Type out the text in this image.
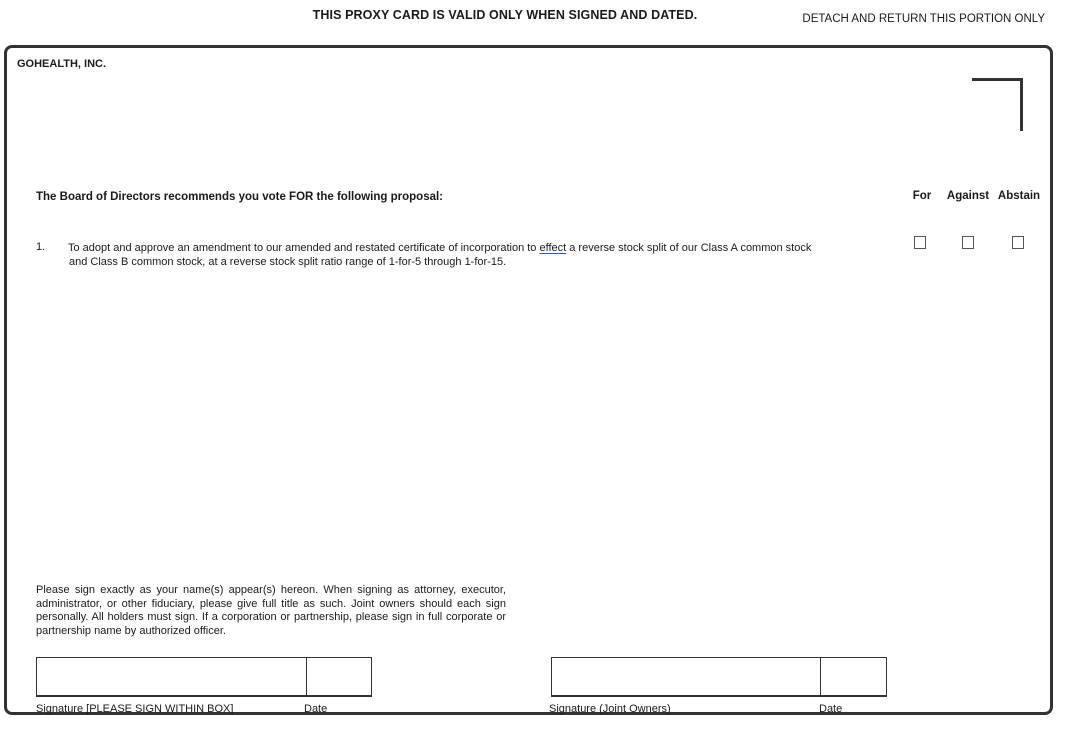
THIS PROXY CARD IS VALID ONLY WHEN SIGNED AND DATED.	DETACH AND RETURN THIS PORTION ONLY
GOHEALTH, INC.
The Board of Directors recommends you vote FOR the following proposal:	For	Against Abstain
1. To adopt and approve an amendment to our amended and restated certificate of incorporation to effect a reverse stock split of our Class A common stock
and Class B common stock, at a reverse stock split ratio range of 1-for-5 through 1-for-15.
Please sign exactly as your name(s) appear(s) hereon. When signing as attorney, executor, administrator, or other fiduciary, please give full title as such. Joint owners should each sign personally. All holders must sign. If a corporation or partnership, please sign in full corporate or partnership name by authorized officer.
Signature [PLEASE SIGN WITHIN BOX]	Date	Signature (Joint Owners)	Date
